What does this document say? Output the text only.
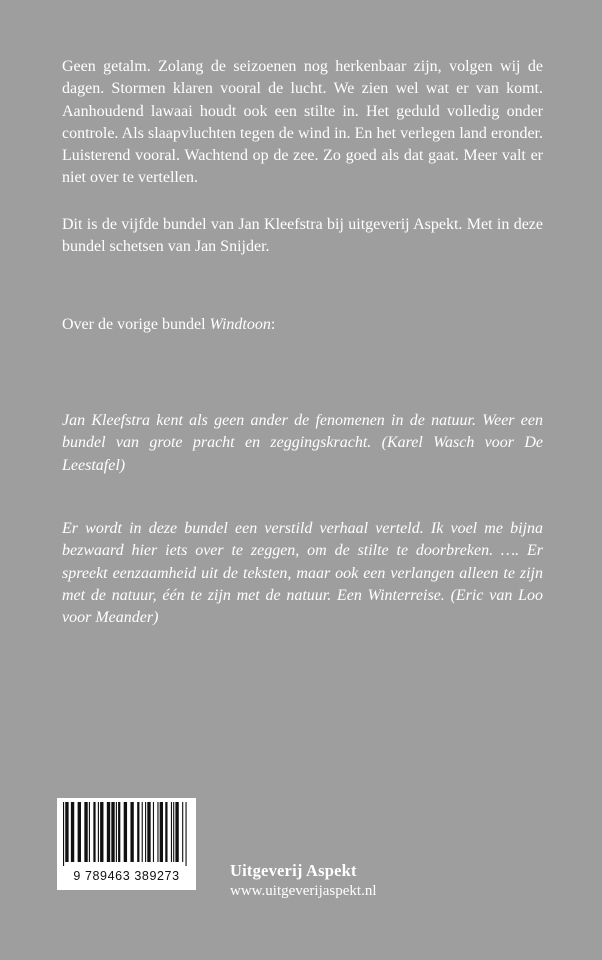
Geen getalm. Zolang de seizoenen nog herkenbaar zijn, volgen wij de dagen. Stormen klaren vooral de lucht. We zien wel wat er van komt. Aanhoudend lawaai houdt ook een stilte in. Het geduld volledig onder controle. Als slaapvluchten tegen de wind in. En het verlegen land eronder. Luisterend vooral. Wachtend op de zee. Zo goed als dat gaat. Meer valt er niet over te vertellen.

Dit is de vijfde bundel van Jan Kleefstra bij uitgeverij Aspekt. Met in deze bundel schetsen van Jan Snijder.

Over de vorige bundel Windtoon:

Jan Kleefstra kent als geen ander de fenomenen in de natuur. Weer een bundel van grote pracht en zeggingskracht. (Karel Wasch voor De Leestafel)

Er wordt in deze bundel een verstild verhaal verteld. Ik voel me bijna bezwaard hier iets over te zeggen, om de stilte te doorbreken. …. Er spreekt eenzaamheid uit de teksten, maar ook een verlangen alleen te zijn met de natuur, één te zijn met de natuur. Een Winterreise. (Eric van Loo voor Meander)

9 789463 389273	Uitgeverij Aspekt
www.uitgeverijaspekt.nl
